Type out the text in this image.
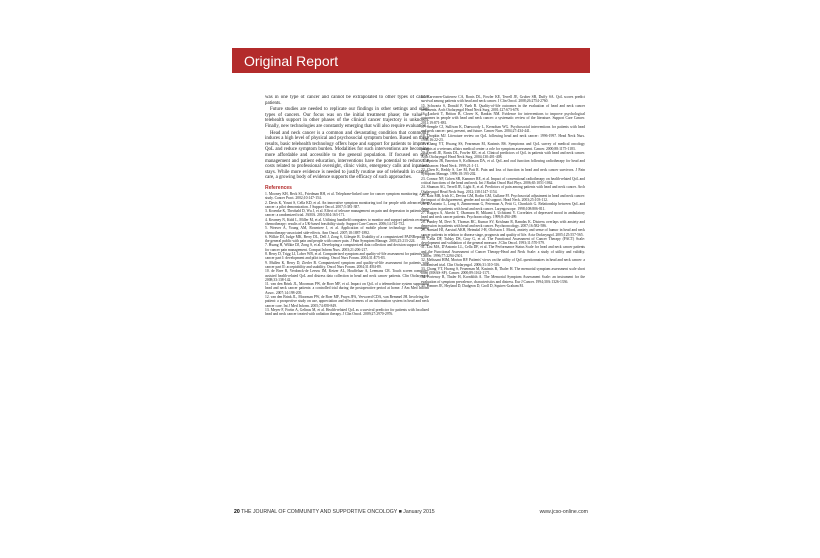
Original Report

was in one type of cancer and cannot be extrapolated to other types of cancer patients.

Future studies are needed to replicate our findings in other settings and other types of cancers. Our focus was on the initial treatment phase; the value of telehealth support in other phases of the clinical cancer trajectory is unknown. Finally, new technologies are constantly emerging that will also require evaluation.

Head and neck cancer is a common and devastating condition that commonly induces a high level of physical and psychosocial symptom burden. Based on these results, basic telehealth technology offers hope and support for patients to improve QoL and reduce symptom burden. Modalities for such interventions are becoming more affordable and accessible to the general population. If focused on self-management and patient education, interventions have the potential to reduce the costs related to professional oversight, clinic visits, emergency calls and inpatient stays. While more evidence is needed to justify routine use of telehealth in cancer care, a growing body of evidence supports the efficacy of such approaches.

References
1. Mooney KH, Beck SL, Friedman RH, et al. Telephone-linked care for cancer symptom monitoring: a pilot study. Cancer Pract. 2002;10:147-154.
2. Davis K, Yount S, Cella KD, et al. An innovative symptom monitoring tool for people with advanced lung cancer: a pilot demonstration. J Support Oncol. 2007;5:381-387.
3. Kroenke K, Theobald D, Wu J, et al. Effect of telecare management on pain and depression in patients with cancer: a randomized trial. JAMA. 2010;304:163-171.
4. Kearney N, Kidd L, Miller M, et al. Utilising handheld computers to monitor and support patients receiving chemotherapy: results of a UK-based feasibility study. Support Care Cancer. 2006;14:742-752.
5. Weaver A, Young AM, Rowntree J, et al. Application of mobile phone technology for managing chemotherapy-associated side-effects. Ann Oncol. 2007;18:1887-1892.
6. Wilkie DJ, Judge MK, Berry DL, Dell J, Zong S, Gilespie R. Usability of a computerized PAINReportIt in the general public with pain and people with cancer pain. J Pain Symptom Manage. 2003;25:213-224.
7. Huang H, Wilkie DJ, Zong S, et al. Developing a computerized data collection and decision support system for cancer pain management. Comput Inform Nurs. 2003;21:206-217.
8. Berry D, Trigg LJ, Lober WB, et al. Computerized symptom and quality-of-life assessment for patients with cancer part I: development and pilot testing. Oncol Nurs Forum. 2004;31:E75-83.
9. Mullen K, Berry D, Zierler B. Computerized symptom and quality-of-life assessment for patients with cancer part II: acceptability and usability. Oncol Nurs Forum. 2004;31:E84-89.
10. de Bree R, Verdonck-de Leeuw IM, Keizer AL, Houffelaar A, Leemans CR. Touch screen computer-assisted health-related QoL and distress data collection in head and neck cancer patients. Clin Otolaryngol. 2008;33:138-142.
11. van den Brink JL, Moorman PW, de Boer MF, et al. Impact on QoL of a telemedicine system supporting head and neck cancer patients: a controlled trial during the postoperative period at home. J Am Med Inform Assoc. 2007;14:198-205.
12. van den Brink JL, Moorman PW, de Boer MF, Pruyn JFA, Verwoerd CDA, van Bemmel JH. Involving the patient: a prospective study on use, appreciation and effectiveness of an information system in head and neck cancer care. Int J Med Inform. 2005;74:839-849.
13. Meyer F, Fortin A, Gelinas M, et al. Health-related QoL as a survival predictor for patients with localized head and neck cancer treated with radiation therapy. J Clin Oncol. 2009;27:2970-2976.
14. Karvonen-Gutierrez CA, Ronis DL, Fowler KE, Terrell JE, Gruber SB, Duffy SA. QoL scores predict survival among patients with head and neck cancer. J Clin Oncol. 2008;26:2754-2760.
15. Schwartz S, Donald P, Yueh B. Quality-of-life outcomes in the evaluation of head and neck cancer treatments. Arch Otolaryngol Head Neck Surg. 2001;127:673-678.
16. Luckett T, Britton B, Clover K, Rankin NM. Evidence for interventions to improve psychological outcomes in people with head and neck cancer: a systematic review of the literature. Support Care Cancer. 2011;19:871-881.
17. Semple CJ, Sullivan K, Dunwoody L, Kernohan WG. Psychosocial interventions for patients with head and neck cancer: past, present, and future. Cancer Nurs. 2004;27:434-441.
18. Dropkin MJ. Literature review on QoL following head and neck cancer: 1996-1997. Head Neck Nurs. 1998;16:22-23.
19. Chang YT, Hwang SS, Fearnman M, Kasimis BS. Symptoms and QoL survey of medical oncology patients at a veterans affairs medical center: a role for symptom assessment. Cancer. 2000;88:1175-1183.
20. Terrell JE, Ronis DL, Fowler KE, et al. Clinical predictors of QoL in patients with head and neck cancer. Arch Otolaryngol Head Neck Surg. 2004;130:401-408.
21. Epstein JB, Emerton S, Kolbinson DA, et al. QoL and oral function following radiotherapy for head and neck cancer. Head Neck. 1999;21:1-11.
22. Chen K, Reddy S, Lee M, Patt R. Pain and loss of function in head and neck cancer survivors. J Pain Symptom Manage. 1999;18:193-202.
23. Connor NP, Cohen SB, Kammer RE, et al. Impact of conventional radiotherapy on health-related QoL and critical functions of the head and neck. Int J Radiat Oncol Biol Phys. 2006;65:1051-1062.
24. Shuman AG, Terrell JE, Light E, et al. Predictors of pain among patients with head and neck cancer. Arch Otolaryngol Head Neck Surg. 2012;138:1147-1154.
25. Katz MR, Irish JC, Devins GM, Rodin GM, Gullane PJ. Psychosocial adjustment in head and neck cancer: the impact of disfigurement, gender and social support. Head Neck. 2003;25:103-112.
26. D'Antonio L, Long S, Zimmerman G, Peterman A, Petti G, Chonkich G. Relationship between QoL and depression in patients with head and neck cancer. Laryngoscope. 1998;108:806-811.
27. Kugaya A, Akechi T, Okamura H, Mikami I, Uchitomi Y. Correlates of depressed mood in ambulatory head and neck cancer patients. Psychooncology. 1999;8:494-499.
28. Pandey M, Devi N, Thomas BC, Kumar SV, Krishnan R, Ramdas K. Distress overlaps with anxiety and depression in patients with head and neck cancer. Psychooncology. 2007;16:582-586.
29. Aarstad HJ, Aarstad AKH, Heimdal J-H, Olofsson J. Mood, anxiety and sense of humor in head and neck cancer patients in relation to disease stage, prognosis and quality of life. Acta Otolaryngol. 2005;125:557-565.
30. Cella DF, Tulsky DS, Gray G, et al. The Functional Assessment of Cancer Therapy (FACT) Scale: development and validation of the general measure. J Clin Oncol. 1993;11:570-579.
31. List MA, D'Antonio LL, Cella DF, et al. The Performance Status Scale for head and neck cancer patients and the Functional Assessment of Cancer Therapy-Head and Neck Scale: a study of utility and validity. Cancer. 1996;77:2294-2301.
32. Melissant HIM, Morton RP. Patients' views on the utility of QoL questionnaires in head and neck cancer: a randomised trial. Clin Otolaryngol. 2006;31:310-316.
33. Chang VT, Hwang S, Feuerman M, Kasimis B, Thaler H. The memorial symptom assessment scale short form (MSAS-SF). Cancer. 2000;89:1162-1171.
34. Portenoy R, Thaler H, Kornblith A. The Memorial Symptom Assessment Scale: an instrument for the evaluation of symptom prevalence, characteristics and distress. Eur J Cancer. 1994;30A:1326-1336.
35. Tomner JE, Heyland D, Dudgeon D, Groll D, Squires-Graham M.
20 THE JOURNAL OF COMMUNITY AND SUPPORTIVE ONCOLOGY ■ January 2015	www.jcso-online.com
